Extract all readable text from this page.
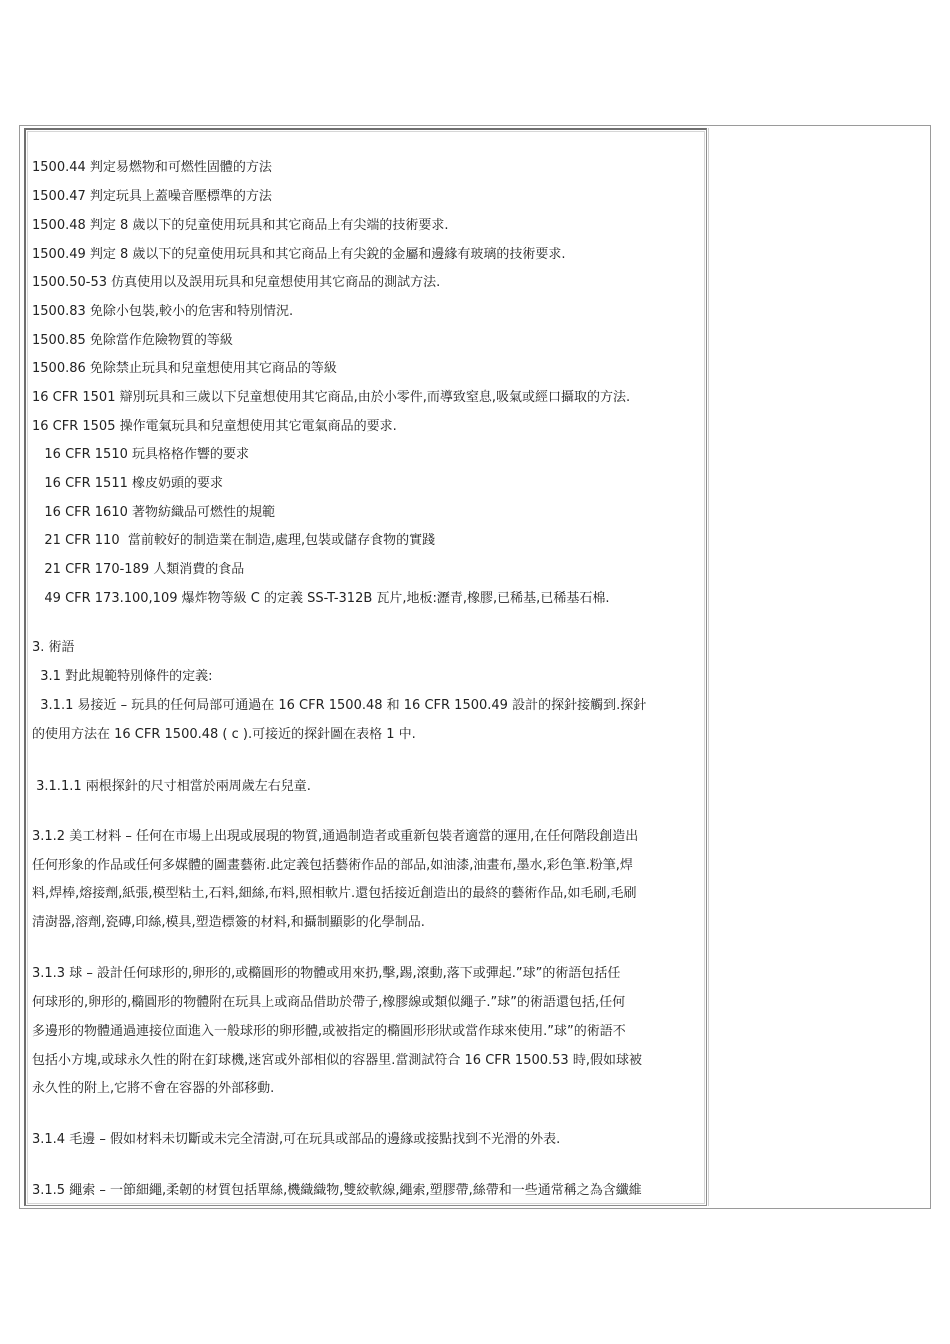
1500.44 判定易燃物和可燃性固體的方法
1500.47 判定玩具上蓋噪音壓標準的方法
1500.48 判定 8 歲以下的兒童使用玩具和其它商品上有尖端的技術要求.
1500.49 判定 8 歲以下的兒童使用玩具和其它商品上有尖銳的金屬和邊緣有玻璃的技術要求.
1500.50-53 仿真使用以及誤用玩具和兒童想使用其它商品的測試方法.
1500.83 免除小包裝,較小的危害和特別情況.
1500.85 免除當作危險物質的等級
1500.86 免除禁止玩具和兒童想使用其它商品的等級
16 CFR 1501 辯別玩具和三歲以下兒童想使用其它商品,由於小零件,而導致窒息,吸氣或經口攝取的方法.
16 CFR 1505 操作電氣玩具和兒童想使用其它電氣商品的要求.
16 CFR 1510 玩具格格作響的要求
16 CFR 1511 橡皮奶頭的要求
16 CFR 1610 著物紡織品可燃性的規範
21 CFR 110  當前較好的制造業在制造,處理,包裝或儲存食物的實踐
21 CFR 170-189 人類消費的食品
49 CFR 173.100,109 爆炸物等級 C 的定義 SS-T-312B 瓦片,地板:瀝青,橡膠,已稀基,已稀基石棉.
3. 術語
3.1 對此規範特別條件的定義:
3.1.1 易接近 – 玩具的任何局部可通過在 16 CFR 1500.48 和 16 CFR 1500.49 設計的探針接觸到.探針
的使用方法在 16 CFR 1500.48 ( c ).可接近的探針圖在表格 1 中.
3.1.1.1 兩根探針的尺寸相當於兩周歲左右兒童.
3.1.2 美工材料 – 任何在市場上出現或展現的物質,通過制造者或重新包裝者適當的運用,在任何階段創造出
任何形象的作品或任何多媒體的圖畫藝術.此定義包括藝術作品的部品,如油漆,油畫布,墨水,彩色筆.粉筆,焊
料,焊棒,熔接劑,紙張,模型粘土,石料,細絲,布料,照相軟片.還包括接近創造出的最終的藝術作品,如毛刷,毛刷
清澍器,溶劑,瓷磚,印絲,模具,塑造標簽的材料,和攝制顯影的化學制品.
3.1.3 球 – 設計任何球形的,卵形的,或橢圓形的物體或用來扔,擊,踢,滾動,落下或彈起.”球”的術語包括任
何球形的,卵形的,橢圓形的物體附在玩具上或商品借助於帶子,橡膠線或類似繩子.”球”的術語還包括,任何
多邊形的物體通過連接位面進入一般球形的卵形體,或被指定的橢圓形形狀或當作球來使用.”球”的術語不
包括小方塊,或球永久性的附在釘球機,迷宮或外部相似的容器里.當測試符合 16 CFR 1500.53 時,假如球被
永久性的附上,它將不會在容器的外部移動.
3.1.4 毛邊 – 假如材料未切斷或未完全清澍,可在玩具或部品的邊緣或接點找到不光滑的外表.
3.1.5 繩索 – 一節細繩,柔韌的材質包括單絲,機織織物,雙絞軟線,繩索,塑膠帶,絲帶和一些通常稱之為含纖維
